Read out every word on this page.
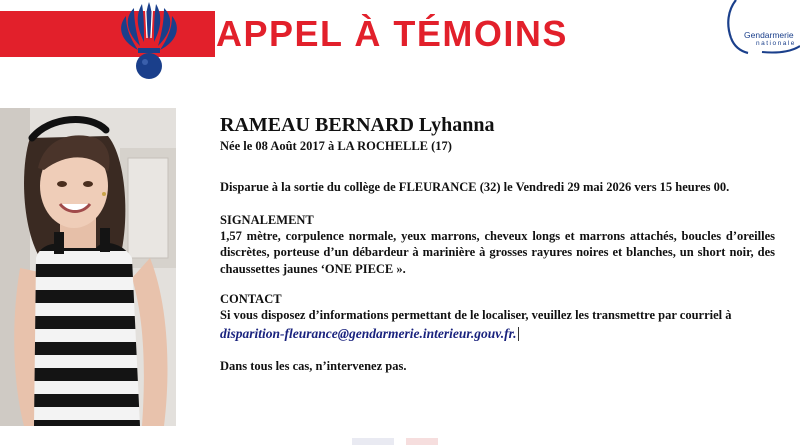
APPEL À TÉMOINS	Gendarmerie
nationale
RAMEAU BERNARD Lyhanna
Née le 08 Août 2017 à LA ROCHELLE (17)
Disparue à la sortie du collège de FLEURANCE (32) le Vendredi 29 mai 2026 vers 15 heures 00.
SIGNALEMENT
1,57 mètre, corpulence normale, yeux marrons, cheveux longs et marrons attachés, boucles d’oreilles discrètes, porteuse d’un débardeur à marinière à grosses rayures noires et blanches, un short noir, des chaussettes jaunes ‘ONE PIECE ».
CONTACT
Si vous disposez d’informations permettant de le localiser, veuillez les transmettre par courriel à
disparition-fleurance@gendarmerie.interieur.gouv.fr.
Dans tous les cas, n’intervenez pas.
